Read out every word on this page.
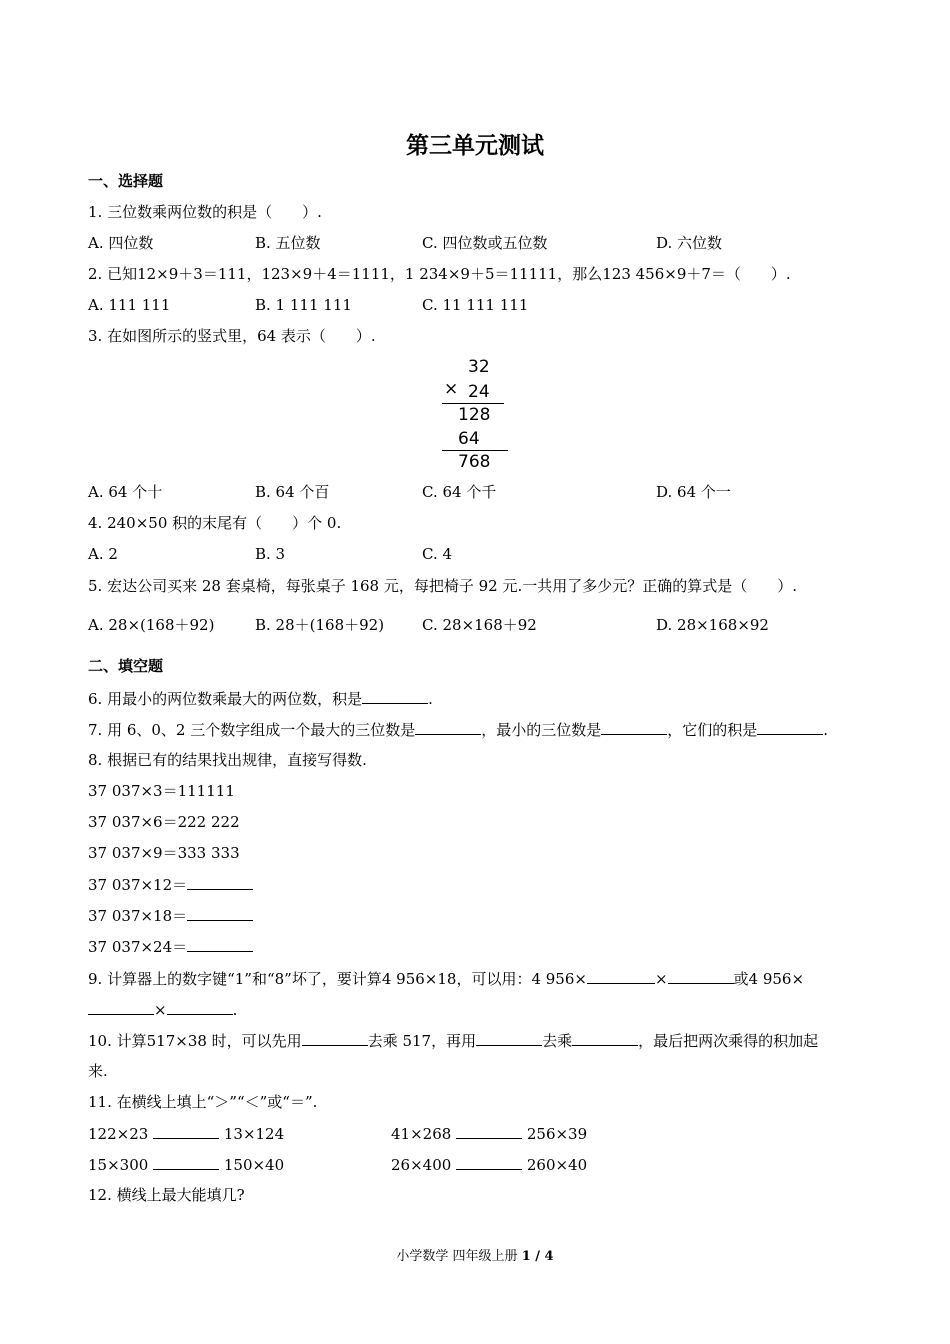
第三单元测试
一、选择题
1. 三位数乘两位数的积是（　　）.
A. 四位数	B. 五位数	C. 四位数或五位数	D. 六位数
2. 已知12×9＋3＝111，123×9＋4＝1111，1 234×9＋5＝11111，那么123 456×9＋7＝（　　）.
A. 111 111	B. 1 111 111	C. 11 111 111
3. 在如图所示的竖式里，64 表示（　　）.
32
× 24
128
64
768
A. 64 个十	B. 64 个百	C. 64 个千	D. 64 个一
4. 240×50 积的末尾有（　　）个 0.
A. 2	B. 3	C. 4
5. 宏达公司买来 28 套桌椅，每张桌子 168 元，每把椅子 92 元.一共用了多少元？正确的算式是（　　）.
A. 28×(168＋92)	B. 28＋(168＋92)	C. 28×168＋92	D. 28×168×92
二、填空题
6. 用最小的两位数乘最大的两位数，积是	.
7. 用 6、0、2 三个数字组成一个最大的三位数是	，最小的三位数是	，它们的积是	.
8. 根据已有的结果找出规律，直接写得数.
37 037×3＝111111
37 037×6＝222 222
37 037×9＝333 333
37 037×12＝
37 037×18＝
37 037×24＝
9. 计算器上的数字键“1”和“8”坏了，要计算4 956×18，可以用：4 956×	×	或4 956×
×	.
10. 计算517×38 时，可以先用	去乘 517，再用	去乘	，最后把两次乘得的积加起
来.
11. 在横线上填上“＞”“＜”或“＝”.
122×23	13×124	41×268	256×39
15×300	150×40	26×400	260×40
12. 横线上最大能填几?
小学数学 四年级上册 1 / 4
